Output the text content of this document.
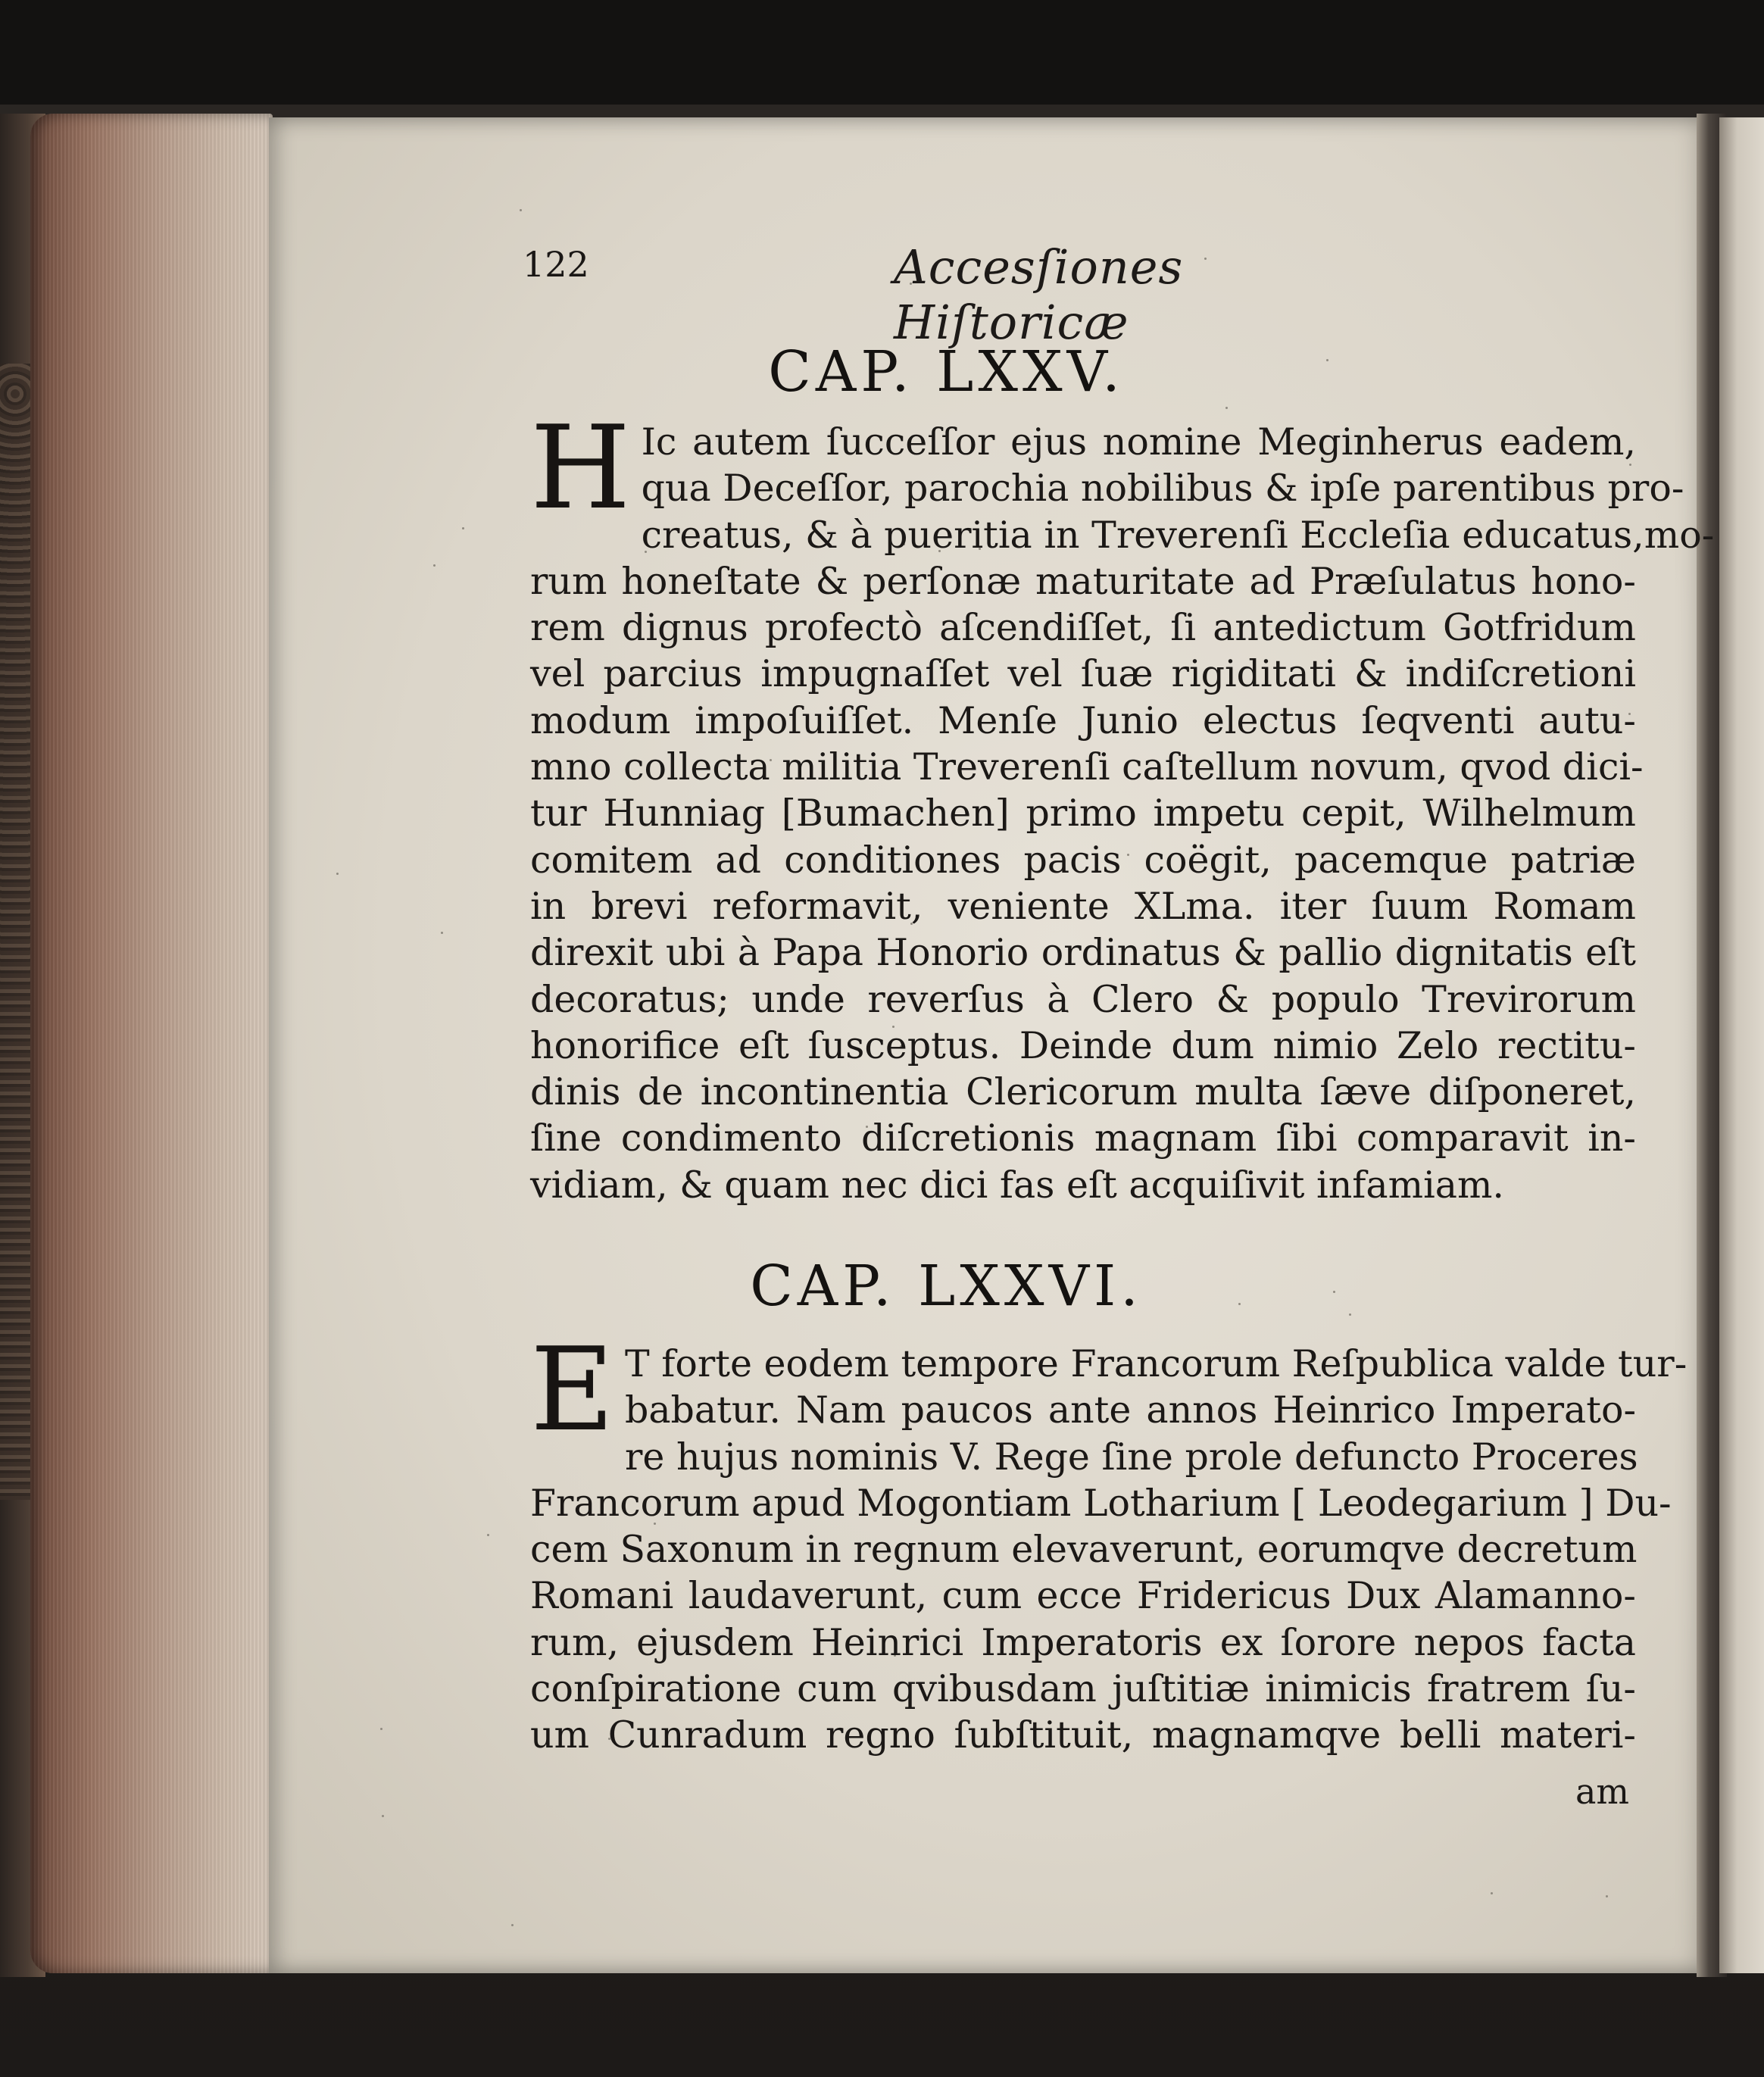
122	Accesſiones Hiſtoricæ
CAP. LXXV.
H Ic autem ſucceſſor ejus nomine Meginherus eadem,
qua Deceſſor, parochia nobilibus & ipſe parentibus pro-
creatus, & à pueritia in Treverenſi Eccleſia educatus,mo-
rum honeſtate & perſonæ maturitate ad Præſulatus hono-
rem dignus profectò aſcendiſſet, ſi antedictum Gotfridum
vel parcius impugnaſſet vel ſuæ rigiditati & indiſcretioni
modum impoſuiſſet. Menſe Junio electus ſeqventi autu-
mno collecta militia Treverenſi caſtellum novum, qvod dici-
tur Hunniag [Bumachen] primo impetu cepit, Wilhelmum
comitem ad conditiones pacis coëgit, pacemque patriæ
in brevi reformavit, veniente XLma. iter ſuum Romam
direxit ubi à Papa Honorio ordinatus & pallio dignitatis eſt
decoratus; unde reverſus à Clero & populo Trevirorum
honorifice eſt ſusceptus. Deinde dum nimio Zelo rectitu-
dinis de incontinentia Clericorum multa ſæve diſponeret,
ſine condimento diſcretionis magnam ſibi comparavit in-
vidiam, & quam nec dici fas eſt acquiſivit infamiam.
CAP. LXXVI.
E T forte eodem tempore Francorum Reſpublica valde tur-
babatur. Nam paucos ante annos Heinrico Imperato-
re hujus nominis V. Rege ſine prole defuncto Proceres
Francorum apud Mogontiam Lotharium [ Leodegarium ] Du-
cem Saxonum in regnum elevaverunt, eorumqve decretum
Romani laudaverunt, cum ecce Fridericus Dux Alamanno-
rum, ejusdem Heinrici Imperatoris ex ſorore nepos facta
conſpiratione cum qvibusdam juſtitiæ inimicis fratrem ſu-
um Cunradum regno ſubſtituit, magnamqve belli materi-
am
